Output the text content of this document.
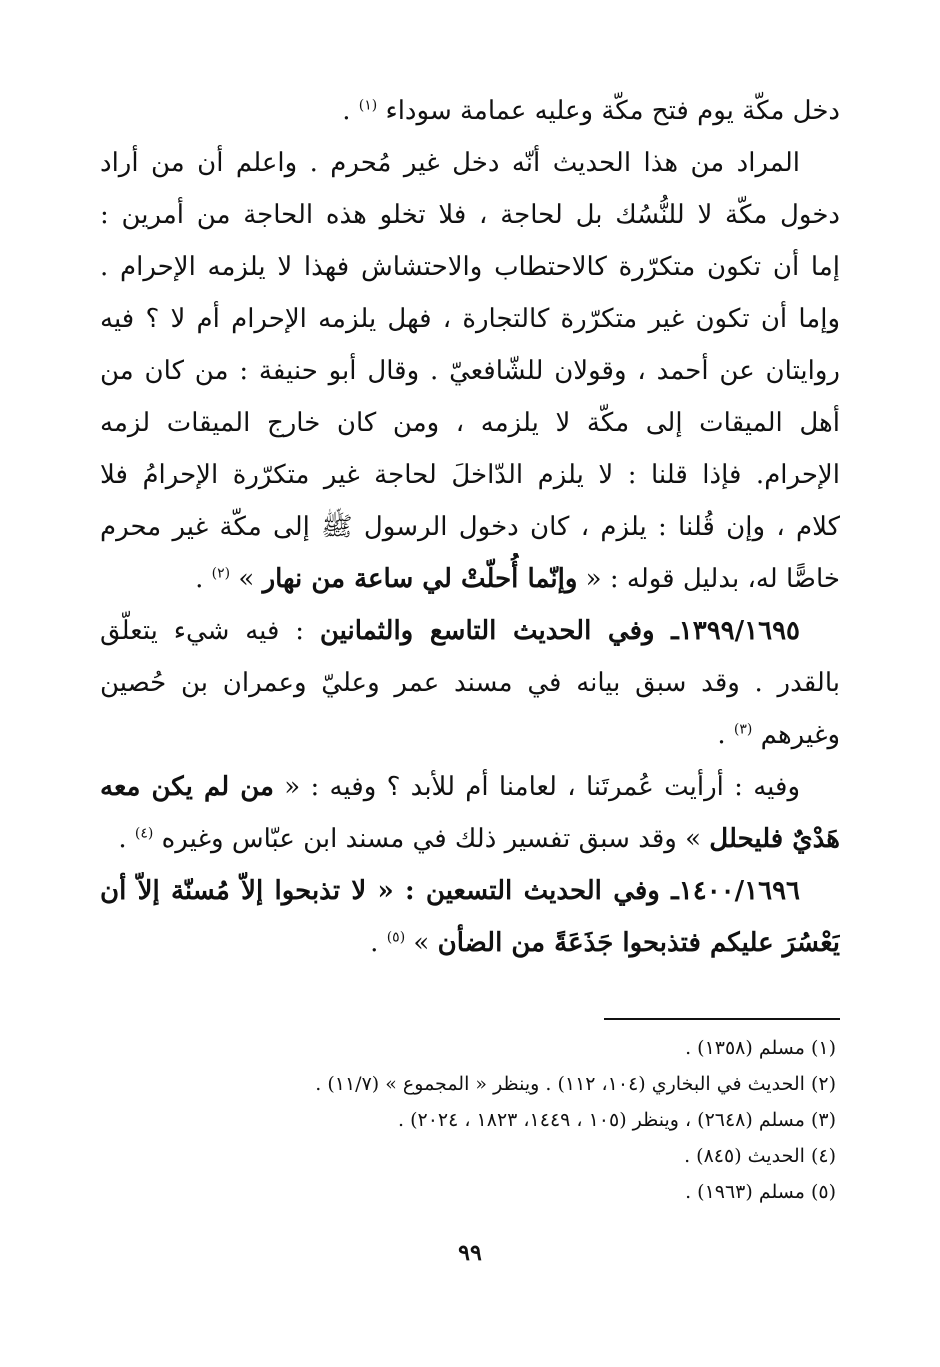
دخل مكّة يوم فتح مكّة وعليه عمامة سوداء $^{(١)}$ .
المراد من هذا الحديث أنّه دخل غير مُحرم . واعلم أن من أراد
دخول مكّة لا للنُّسُك بل لحاجة ، فلا تخلو هذه الحاجة من أمرين :
إما أن تكون متكرّرة كالاحتطاب والاحتشاش فهذا لا يلزمه الإحرام .
وإما أن تكون غير متكرّرة كالتجارة ، فهل يلزمه الإحرام أم لا ؟ فيه
روايتان عن أحمد ، وقولان للشّافعيّ . وقال أبو حنيفة : من كان من
أهل الميقات إلى مكّة لا يلزمه ، ومن كان خارج الميقات لزمه
الإحرام. فإذا قلنا : لا يلزم الدّاخلَ لحاجة غير متكرّرة الإحرامُ فلا
كلام ، وإن قُلنا : يلزم ، كان دخول الرسول ﷺ إلى مكّة غير محرم
خاصًّا له، بدليل قوله : « وإنّما أُحلّتْ لي ساعة من نهار » $^{(٢)}$ .
١٣٩٩/١٦٩٥ـ وفي الحديث التاسع والثمانين : فيه شيء يتعلّق
بالقدر . وقد سبق بيانه في مسند عمر وعليّ وعمران بن حُصين
وغيرهم $^{(٣)}$ .
وفيه : أرأيت عُمرتَنا ، لعامنا أم للأبد ؟ وفيه : « من لم يكن معه
هَدْيٌ فليحلل » وقد سبق تفسير ذلك في مسند ابن عبّاس وغيره $^{(٤)}$ .
١٤٠٠/١٦٩٦ـ وفي الحديث التسعين : « لا تذبحوا إلاّ مُسنّة إلاّ أن
يَعْسُرَ عليكم فتذبحوا جَذَعَةً من الضأن » $^{(٥)}$ .
(١) مسلم (١٣٥٨) .
(٢) الحديث في البخاري (١٠٤، ١١٢) . وينظر « المجموع » (١١/٧) .
(٣) مسلم (٢٦٤٨) ، وينظر (١٠٥ ، ١٤٤٩، ١٨٢٣ ، ٢٠٢٤) .
(٤) الحديث (٨٤٥) .
(٥) مسلم (١٩٦٣) .
٩٩
